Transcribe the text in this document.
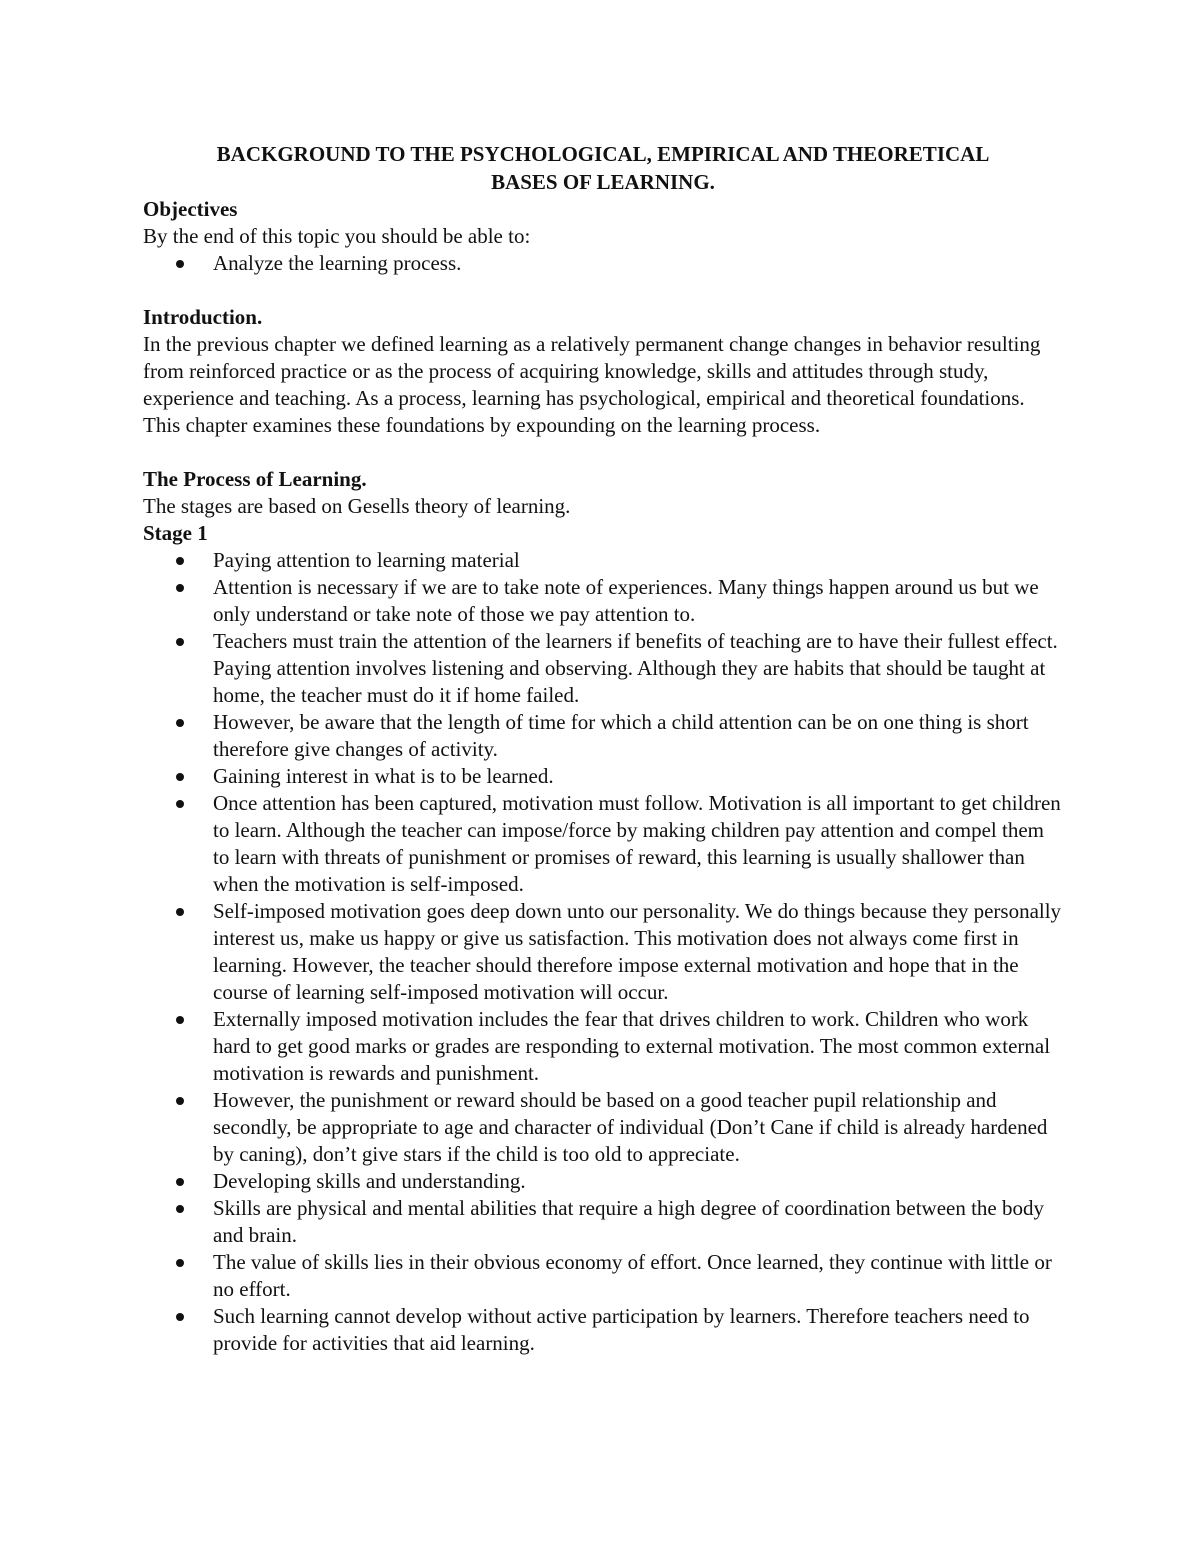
BACKGROUND TO THE PSYCHOLOGICAL, EMPIRICAL AND THEORETICAL
BASES OF LEARNING.
Objectives

By the end of this topic you should be able to:

Analyze the learning process.
Introduction.

In the previous chapter we defined learning as a relatively permanent change changes in behavior resulting from reinforced practice or as the process of acquiring knowledge, skills and attitudes through study, experience and teaching. As a process, learning has psychological, empirical and theoretical foundations. This chapter examines these foundations by expounding on the learning process.

The Process of Learning.

The stages are based on Gesells theory of learning.

Stage 1
Paying attention to learning material
Attention is necessary if we are to take note of experiences. Many things happen around us but we only understand or take note of those we pay attention to.
Teachers must train the attention of the learners if benefits of teaching are to have their fullest effect. Paying attention involves listening and observing. Although they are habits that should be taught at home, the teacher must do it if home failed.
However, be aware that the length of time for which a child attention can be on one thing is short therefore give changes of activity.
Gaining interest in what is to be learned.
Once attention has been captured, motivation must follow. Motivation is all important to get children to learn. Although the teacher can impose/force by making children pay attention and compel them to learn with threats of punishment or promises of reward, this learning is usually shallower than when the motivation is self-imposed.
Self-imposed motivation goes deep down unto our personality. We do things because they personally interest us, make us happy or give us satisfaction. This motivation does not always come first in learning. However, the teacher should therefore impose external motivation and hope that in the course of learning self-imposed motivation will occur.
Externally imposed motivation includes the fear that drives children to work. Children who work hard to get good marks or grades are responding to external motivation. The most common external motivation is rewards and punishment.
However, the punishment or reward should be based on a good teacher pupil relationship and secondly, be appropriate to age and character of individual (Don’t Cane if child is already hardened by caning), don’t give stars if the child is too old to appreciate.
Developing skills and understanding.
Skills are physical and mental abilities that require a high degree of coordination between the body and brain.
The value of skills lies in their obvious economy of effort. Once learned, they continue with little or no effort.
Such learning cannot develop without active participation by learners. Therefore teachers need to provide for activities that aid learning.
